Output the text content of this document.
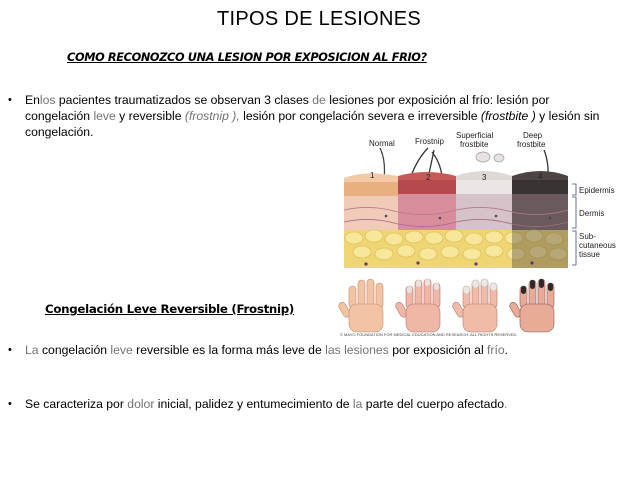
TIPOS DE LESIONES
COMO RECONOZCO UNA LESION POR EXPOSICION AL FRIO?
• Enlos pacientes traumatizados se observan 3 clases de lesiones por exposición al frío: lesión por congelación leve y reversible (frostnip ), lesión por congelación severa e irreversible (frostbite ) y lesión sin congelación.
Normal	Frostnip
Superficial
frostbite
Deep
frostbite
1	2	3	4
Epidermis
Dermis
Sub-
cutaneous
tissue
© MAYO FOUNDATION FOR MEDICAL EDUCATION AND RESEARCH. ALL RIGHTS RESERVED.
Congelación Leve Reversible (Frostnip)
• La congelación leve reversible es la forma más leve de las lesiones por exposición al frío.
• Se caracteriza por dolor inicial, palidez y entumecimiento de la parte del cuerpo afectado.
